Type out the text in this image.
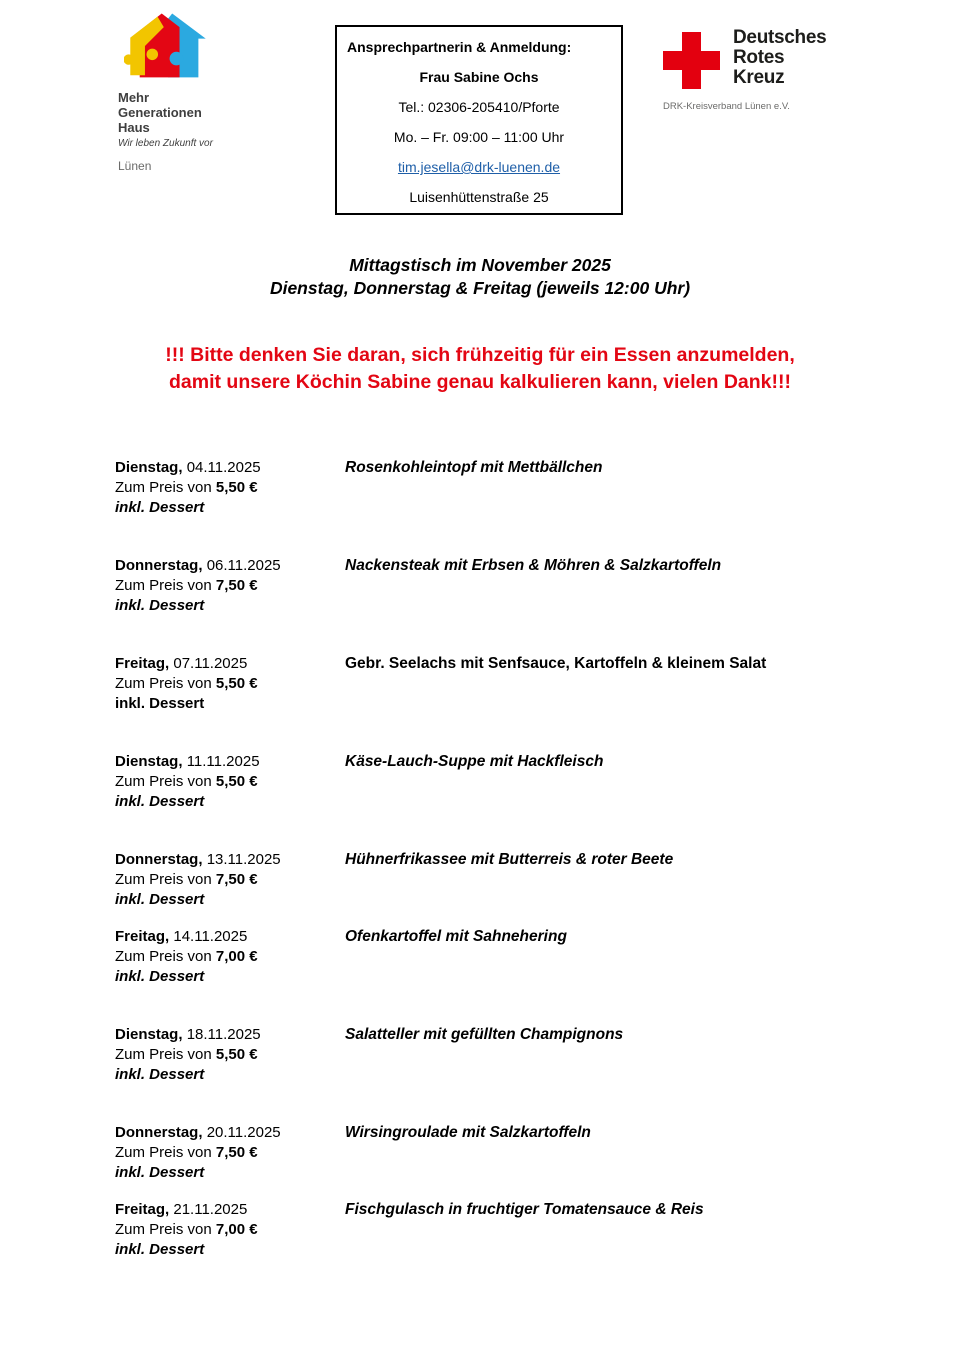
Mehr
Generationen
Haus
Wir leben Zukunft vor
Lünen
Ansprechpartnerin & Anmeldung:
Frau Sabine Ochs
Tel.: 02306-205410/Pforte
Mo. – Fr. 09:00 – 11:00 Uhr
tim.jesella@drk-luenen.de
Luisenhüttenstraße 25
Deutsches
Rotes
Kreuz
DRK-Kreisverband Lünen e.V.
Mittagstisch im November 2025
Dienstag, Donnerstag & Freitag (jeweils 12:00 Uhr)
!!! Bitte denken Sie daran, sich frühzeitig für ein Essen anzumelden,
damit unsere Köchin Sabine genau kalkulieren kann, vielen Dank!!!
Dienstag, 04.11.2025
Zum Preis von 5,50 €
inkl. Dessert
Rosenkohleintopf mit Mettbällchen
Donnerstag, 06.11.2025
Zum Preis von 7,50 €
inkl. Dessert
Nackensteak mit Erbsen & Möhren & Salzkartoffeln
Freitag, 07.11.2025
Zum Preis von 5,50 €
inkl. Dessert
Gebr. Seelachs mit Senfsauce, Kartoffeln & kleinem Salat
Dienstag, 11.11.2025
Zum Preis von 5,50 €
inkl. Dessert
Käse-Lauch-Suppe mit Hackfleisch
Donnerstag, 13.11.2025
Zum Preis von 7,50 €
inkl. Dessert
Hühnerfrikassee mit Butterreis & roter Beete
Freitag, 14.11.2025
Zum Preis von 7,00 €
inkl. Dessert
Ofenkartoffel mit Sahnehering
Dienstag, 18.11.2025
Zum Preis von 5,50 €
inkl. Dessert
Salatteller mit gefüllten Champignons
Donnerstag, 20.11.2025
Zum Preis von 7,50 €
inkl. Dessert
Wirsingroulade mit Salzkartoffeln
Freitag, 21.11.2025
Zum Preis von 7,00 €
inkl. Dessert
Fischgulasch in fruchtiger Tomatensauce & Reis
